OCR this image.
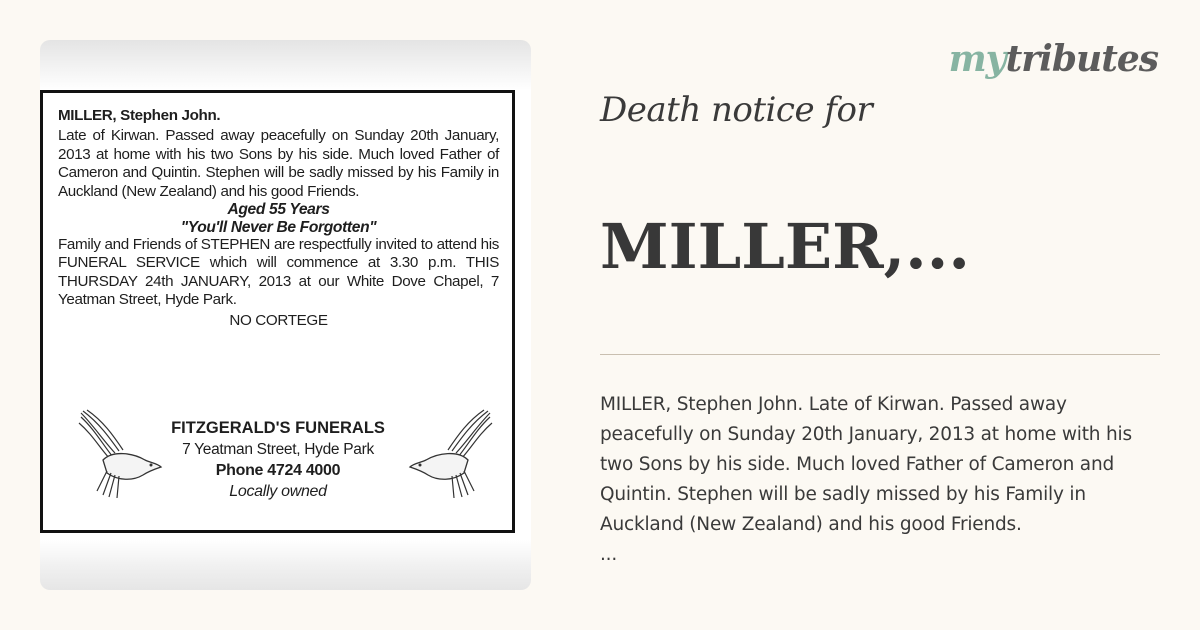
MILLER, Stephen John.
Late of Kirwan. Passed away peacefully on Sunday 20th January, 2013 at home with his two Sons by his side. Much loved Father of Cameron and Quintin. Stephen will be sadly missed by his Family in Auckland (New Zealand) and his good Friends.
Aged 55 Years
"You'll Never Be Forgotten"
Family and Friends of STEPHEN are respectfully invited to attend his FUNERAL SERVICE which will commence at 3.30 p.m. THIS THURSDAY 24th JANUARY, 2013 at our White Dove Chapel, 7 Yeatman Street, Hyde Park.
NO CORTEGE
FITZGERALD'S FUNERALS
7 Yeatman Street, Hyde Park
Phone 4724 4000
Locally owned
mytributes
Death notice for
MILLER,...
MILLER, Stephen John. Late of Kirwan. Passed away peacefully on Sunday 20th January, 2013 at home with his two Sons by his side. Much loved Father of Cameron and Quintin. Stephen will be sadly missed by his Family in Auckland (New Zealand) and his good Friends.
...
